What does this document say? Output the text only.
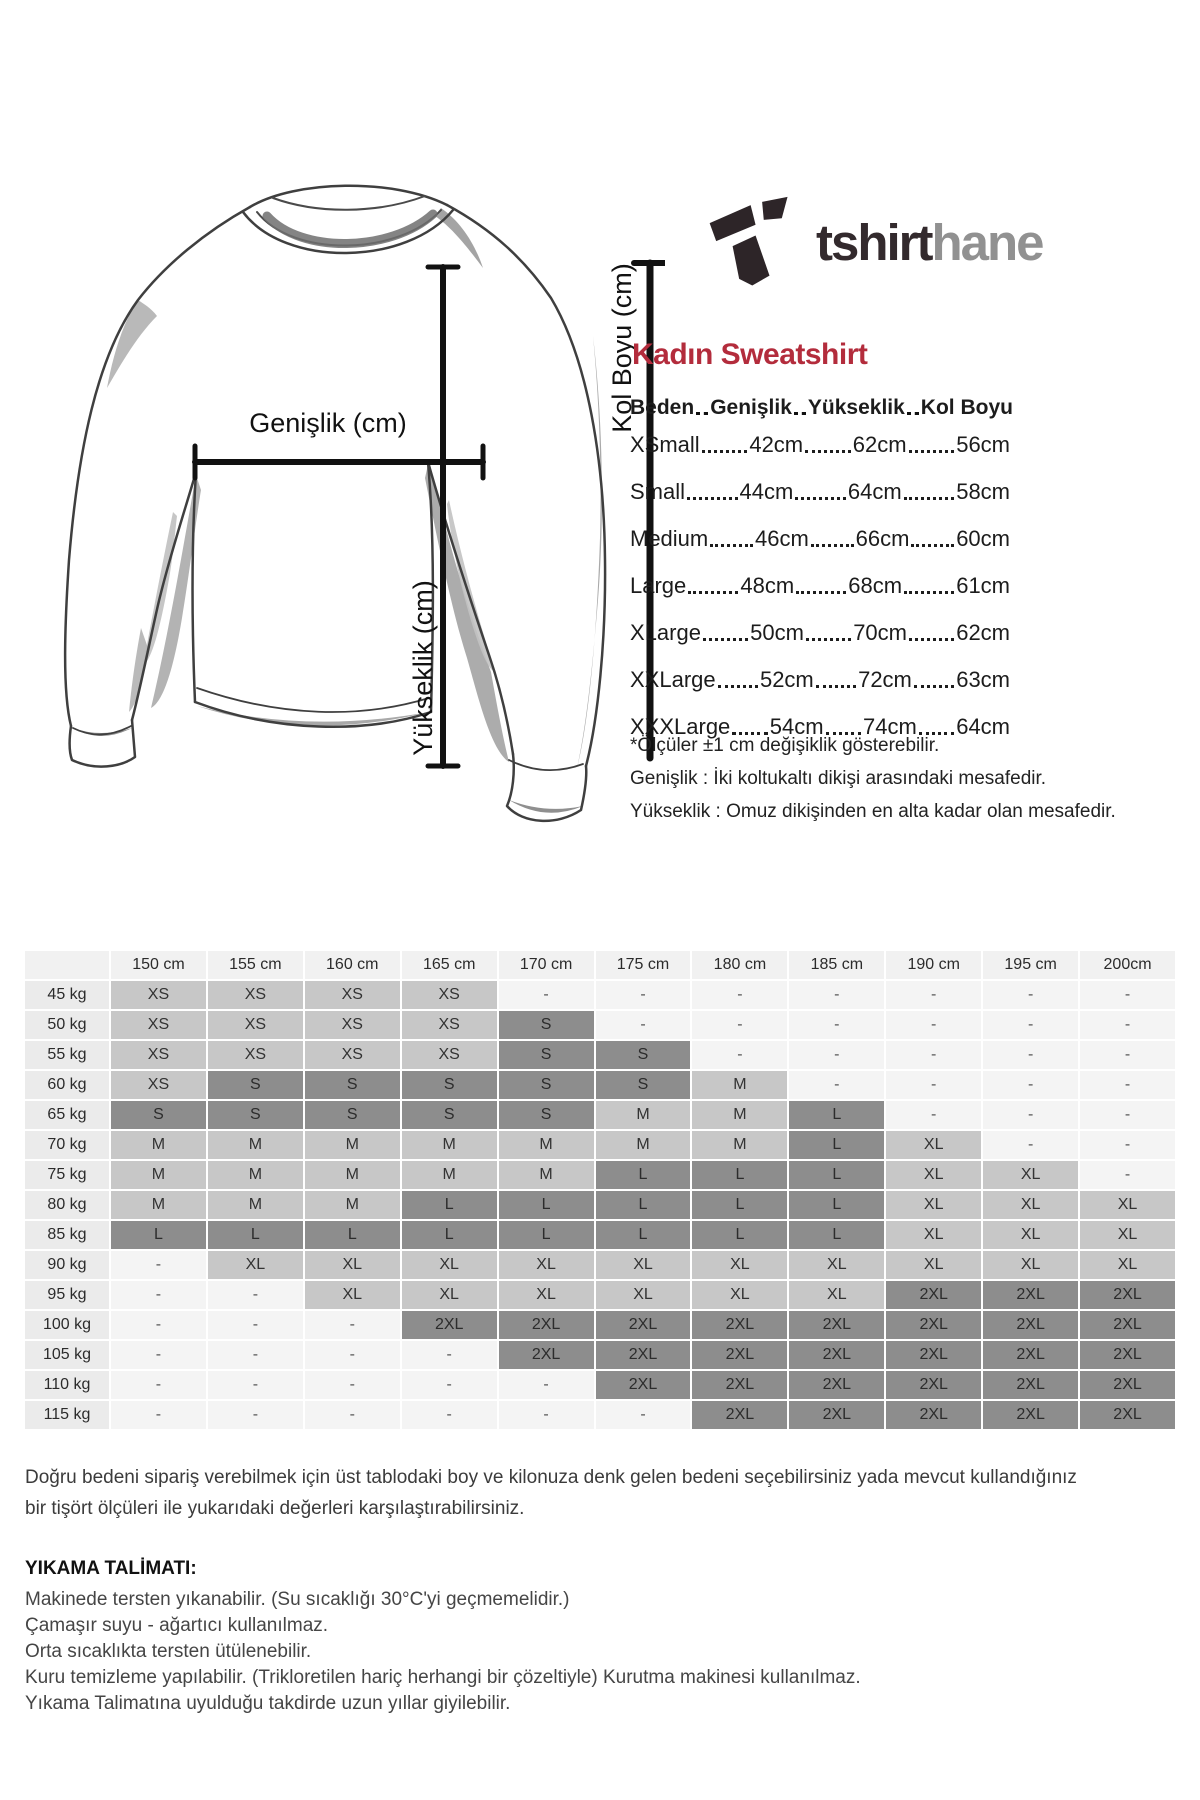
Genişlik (cm)
Yükseklik (cm)
Kol Boyu (cm)
tshirthane
Kadın Sweatshirt
Beden Genişlik Yükseklik Kol Boyu
XSmall 42cm 62cm 56cm
Small 44cm 64cm 58cm
Medium 46cm 66cm 60cm
Large 48cm 68cm 61cm
XLarge 50cm 70cm 62cm
XXLarge 52cm 72cm 63cm
XXXLarge 54cm 74cm 64cm
*Ölçüler ±1 cm değişiklik gösterebilir.
Genişlik : İki koltukaltı dikişi arasındaki mesafedir.
Yükseklik : Omuz dikişinden en alta kadar olan mesafedir.
150 cm	155 cm	160 cm	165 cm	170 cm	175 cm	180 cm	185 cm	190 cm	195 cm	200cm
45 kg	XS	XS	XS	XS	-	-	-	-	-	-	-
50 kg	XS	XS	XS	XS	S	-	-	-	-	-	-
55 kg	XS	XS	XS	XS	S	S	-	-	-	-	-
60 kg	XS	S	S	S	S	S	M	-	-	-	-
65 kg	S	S	S	S	S	M	M	L	-	-	-
70 kg	M	M	M	M	M	M	M	L	XL	-	-
75 kg	M	M	M	M	M	L	L	L	XL	XL	-
80 kg	M	M	M	L	L	L	L	L	XL	XL	XL
85 kg	L	L	L	L	L	L	L	L	XL	XL	XL
90 kg	-	XL	XL	XL	XL	XL	XL	XL	XL	XL	XL
95 kg	-	-	XL	XL	XL	XL	XL	XL	2XL	2XL	2XL
100 kg	-	-	-	2XL	2XL	2XL	2XL	2XL	2XL	2XL	2XL
105 kg	-	-	-	-	2XL	2XL	2XL	2XL	2XL	2XL	2XL
110 kg	-	-	-	-	-	2XL	2XL	2XL	2XL	2XL	2XL
115 kg	-	-	-	-	-	-	2XL	2XL	2XL	2XL	2XL
Doğru bedeni sipariş verebilmek için üst tablodaki boy ve kilonuza denk gelen bedeni seçebilirsiniz yada mevcut kullandığınız
bir tişört ölçüleri ile yukarıdaki değerleri karşılaştırabilirsiniz.
YIKAMA TALİMATI:
Makinede tersten yıkanabilir. (Su sıcaklığı 30°C'yi geçmemelidir.)
Çamaşır suyu - ağartıcı kullanılmaz.
Orta sıcaklıkta tersten ütülenebilir.
Kuru temizleme yapılabilir. (Trikloretilen hariç herhangi bir çözeltiyle) Kurutma makinesi kullanılmaz.
Yıkama Talimatına uyulduğu takdirde uzun yıllar giyilebilir.
